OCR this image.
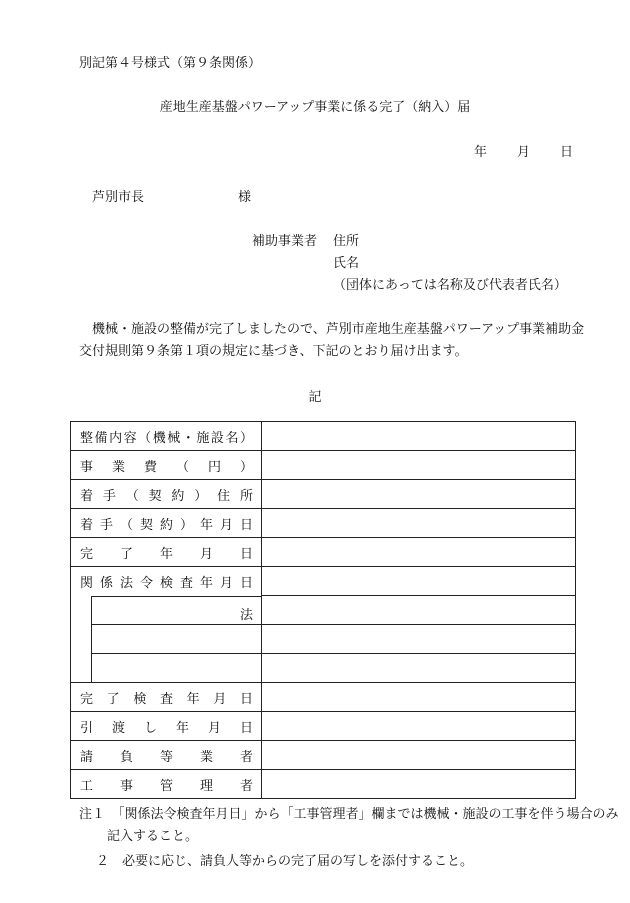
別記第４号様式（第９条関係）
産地生産基盤パワーアップ事業に係る完了（納入）届
年 月 日
芦別市長	様
補助事業者 住所
氏名
（団体にあっては名称及び代表者氏名）
機械・施設の整備が完了しましたので、芦別市産地生産基盤パワーアップ事業補助金交付規則第９条第１項の規定に基づき、下記のとおり届け出ます。
記
整備内容（機械・施設名）	
事業費（円）	
着手（契約）住所	
着手（契約）年月日	
完了年月日	
関係法令検査年月日	

法	

完了検査年月日	
引渡し年月日	
請負等業者	
工事管理者	
注１　「関係法令検査年月日」から「工事管理者」欄までは機械・施設の工事を伴う場合のみ記入すること。
２　必要に応じ、請負人等からの完了届の写しを添付すること。
